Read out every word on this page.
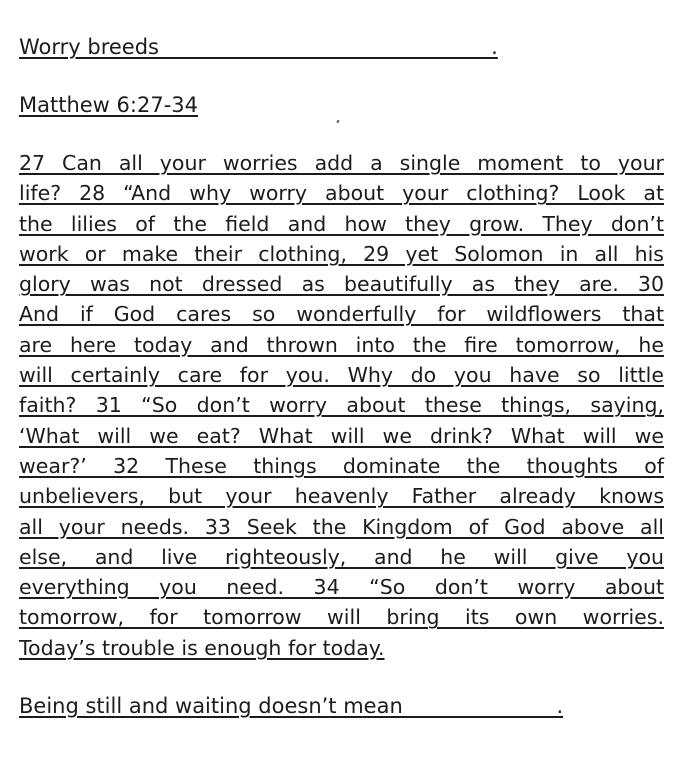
Worry breeds _______________________________.
Matthew 6:27-34
27 Can all your worries add a single moment to your
life? 28 “And why worry about your clothing? Look at
the lilies of the field and how they grow. They don’t
work or make their clothing, 29 yet Solomon in all his
glory was not dressed as beautifully as they are. 30
And if God cares so wonderfully for wildflowers that
are here today and thrown into the fire tomorrow, he
will certainly care for you. Why do you have so little
faith? 31 “So don’t worry about these things, saying,
‘What will we eat? What will we drink? What will we
wear?’ 32 These things dominate the thoughts of
unbelievers, but your heavenly Father already knows
all your needs. 33 Seek the Kingdom of God above all
else, and live righteously, and he will give you
everything you need. 34 “So don’t worry about
tomorrow, for tomorrow will bring its own worries.
Today’s trouble is enough for today.
Being still and waiting doesn’t mean ______________.
